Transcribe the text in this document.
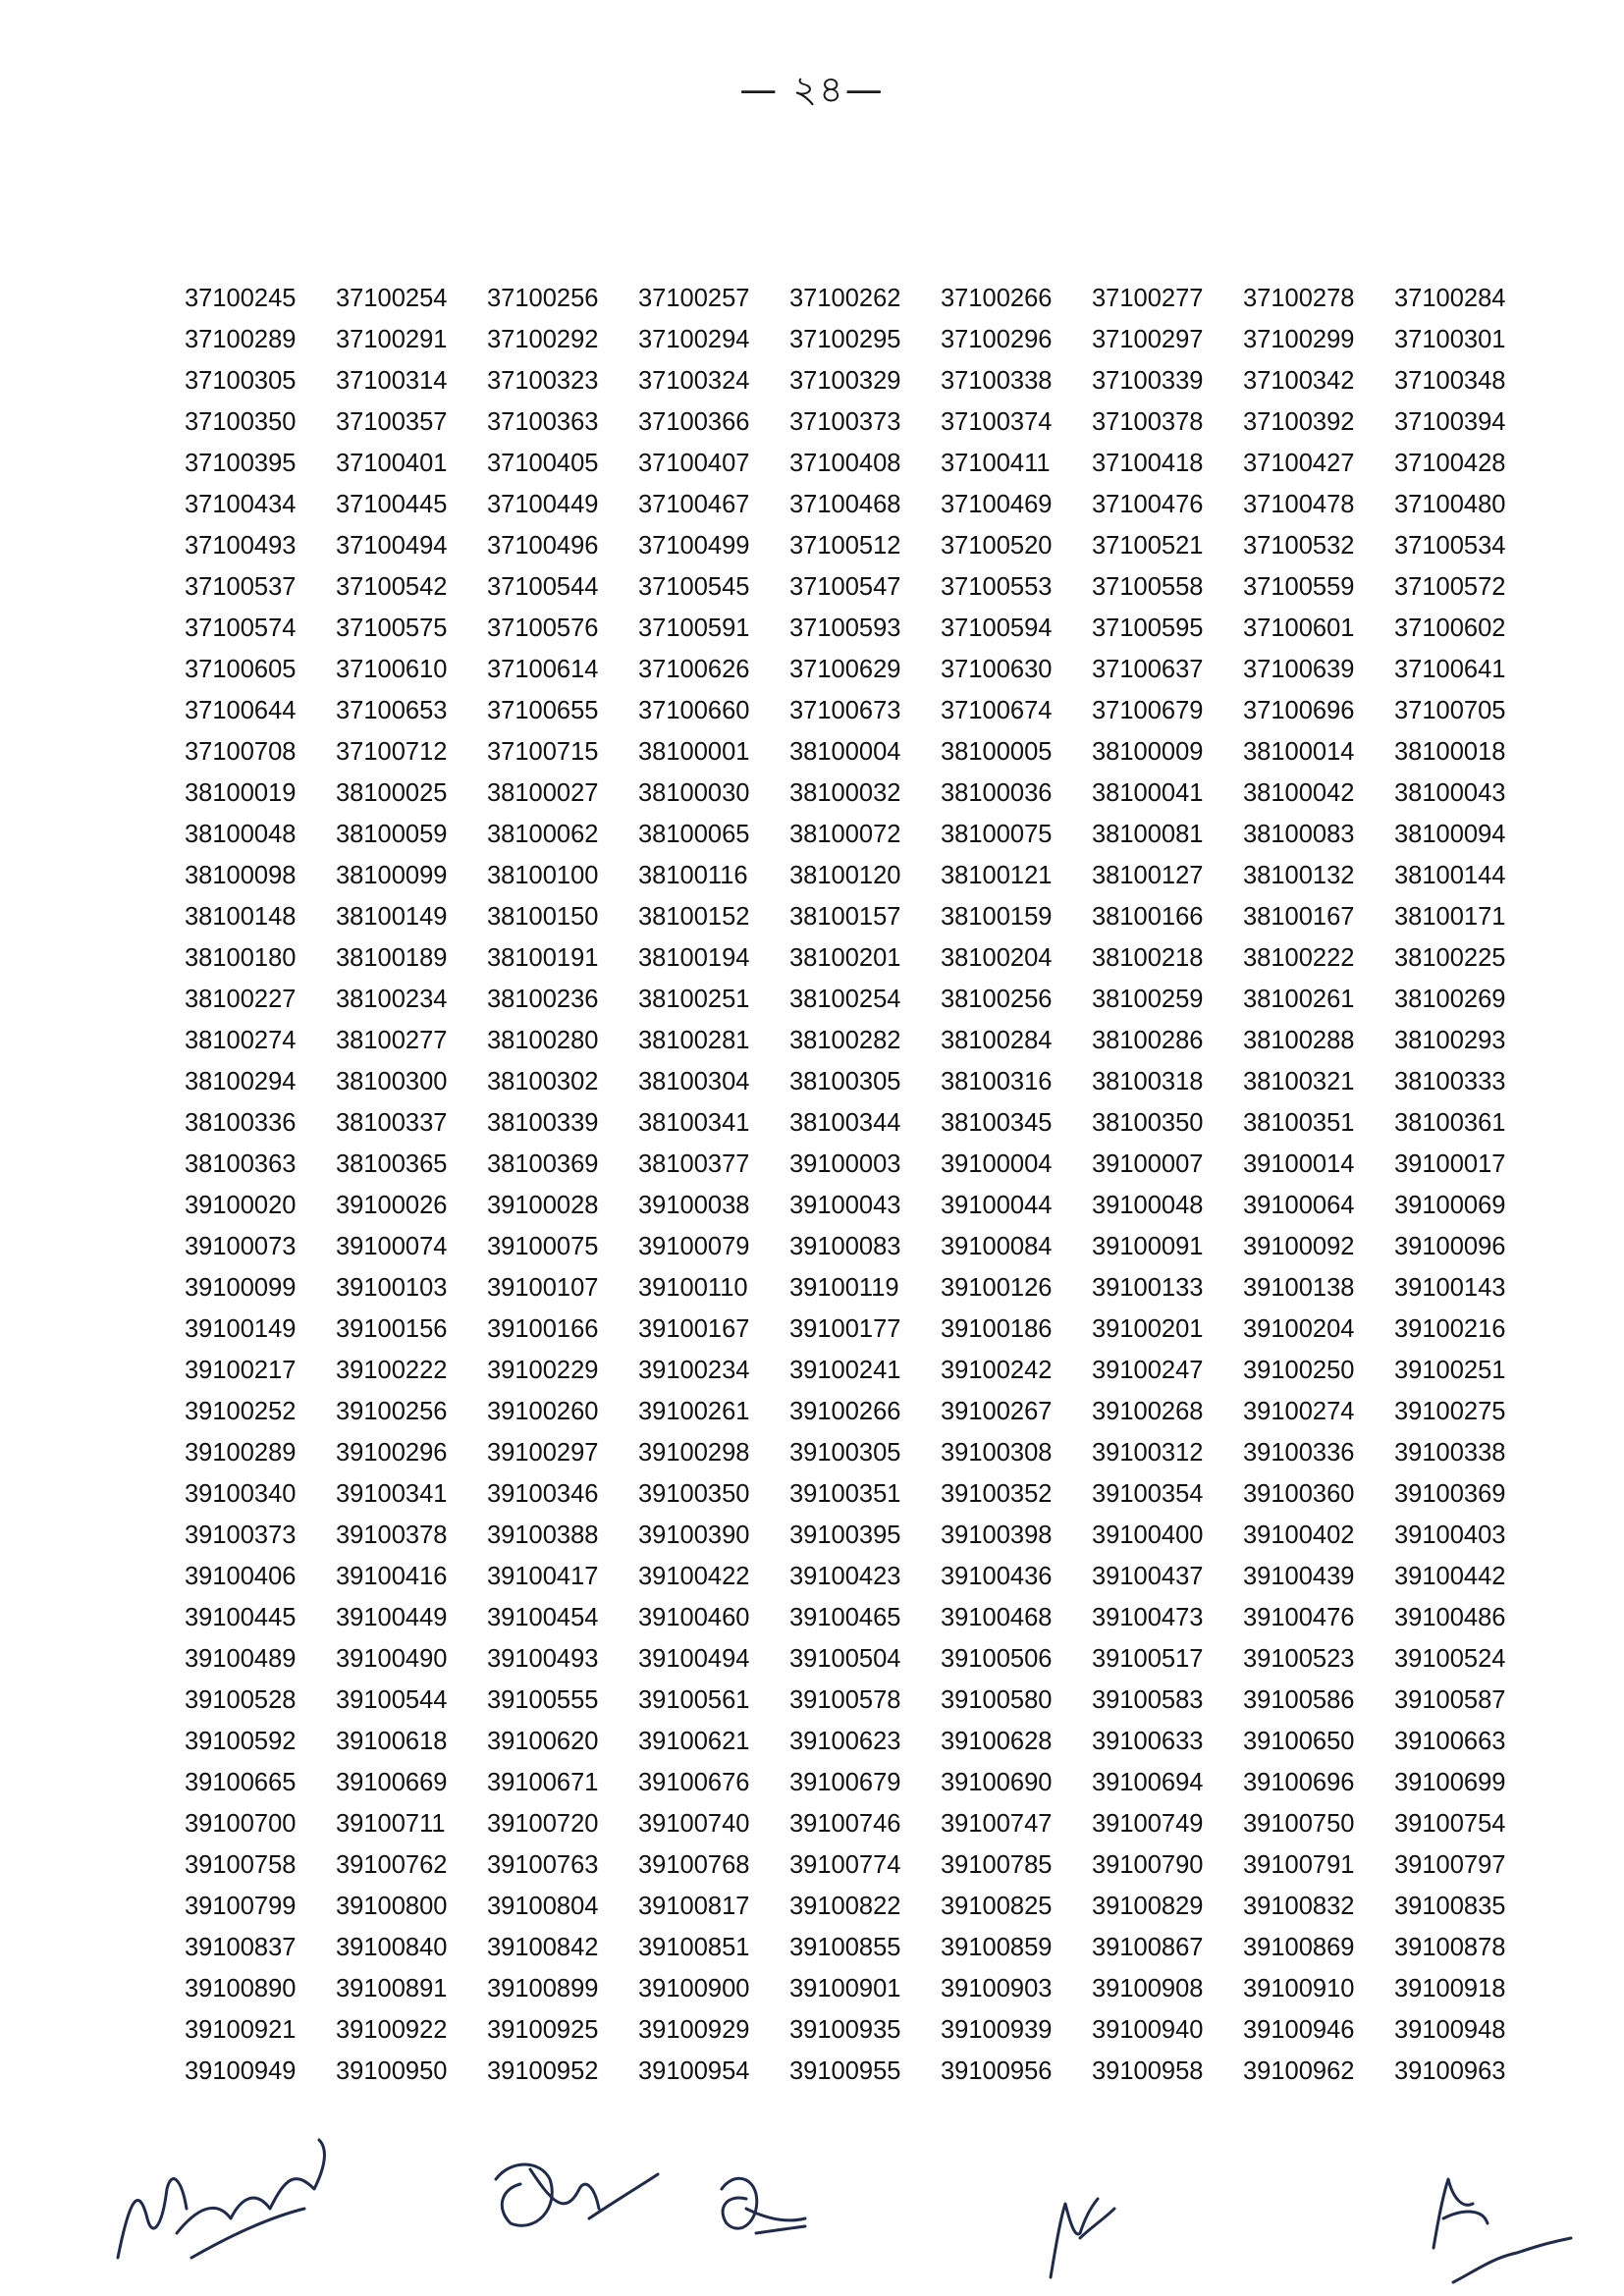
— ২৪—
37100245	37100254	37100256	37100257	37100262	37100266	37100277	37100278	37100284
37100289	37100291	37100292	37100294	37100295	37100296	37100297	37100299	37100301
37100305	37100314	37100323	37100324	37100329	37100338	37100339	37100342	37100348
37100350	37100357	37100363	37100366	37100373	37100374	37100378	37100392	37100394
37100395	37100401	37100405	37100407	37100408	37100411	37100418	37100427	37100428
37100434	37100445	37100449	37100467	37100468	37100469	37100476	37100478	37100480
37100493	37100494	37100496	37100499	37100512	37100520	37100521	37100532	37100534
37100537	37100542	37100544	37100545	37100547	37100553	37100558	37100559	37100572
37100574	37100575	37100576	37100591	37100593	37100594	37100595	37100601	37100602
37100605	37100610	37100614	37100626	37100629	37100630	37100637	37100639	37100641
37100644	37100653	37100655	37100660	37100673	37100674	37100679	37100696	37100705
37100708	37100712	37100715	38100001	38100004	38100005	38100009	38100014	38100018
38100019	38100025	38100027	38100030	38100032	38100036	38100041	38100042	38100043
38100048	38100059	38100062	38100065	38100072	38100075	38100081	38100083	38100094
38100098	38100099	38100100	38100116	38100120	38100121	38100127	38100132	38100144
38100148	38100149	38100150	38100152	38100157	38100159	38100166	38100167	38100171
38100180	38100189	38100191	38100194	38100201	38100204	38100218	38100222	38100225
38100227	38100234	38100236	38100251	38100254	38100256	38100259	38100261	38100269
38100274	38100277	38100280	38100281	38100282	38100284	38100286	38100288	38100293
38100294	38100300	38100302	38100304	38100305	38100316	38100318	38100321	38100333
38100336	38100337	38100339	38100341	38100344	38100345	38100350	38100351	38100361
38100363	38100365	38100369	38100377	39100003	39100004	39100007	39100014	39100017
39100020	39100026	39100028	39100038	39100043	39100044	39100048	39100064	39100069
39100073	39100074	39100075	39100079	39100083	39100084	39100091	39100092	39100096
39100099	39100103	39100107	39100110	39100119	39100126	39100133	39100138	39100143
39100149	39100156	39100166	39100167	39100177	39100186	39100201	39100204	39100216
39100217	39100222	39100229	39100234	39100241	39100242	39100247	39100250	39100251
39100252	39100256	39100260	39100261	39100266	39100267	39100268	39100274	39100275
39100289	39100296	39100297	39100298	39100305	39100308	39100312	39100336	39100338
39100340	39100341	39100346	39100350	39100351	39100352	39100354	39100360	39100369
39100373	39100378	39100388	39100390	39100395	39100398	39100400	39100402	39100403
39100406	39100416	39100417	39100422	39100423	39100436	39100437	39100439	39100442
39100445	39100449	39100454	39100460	39100465	39100468	39100473	39100476	39100486
39100489	39100490	39100493	39100494	39100504	39100506	39100517	39100523	39100524
39100528	39100544	39100555	39100561	39100578	39100580	39100583	39100586	39100587
39100592	39100618	39100620	39100621	39100623	39100628	39100633	39100650	39100663
39100665	39100669	39100671	39100676	39100679	39100690	39100694	39100696	39100699
39100700	39100711	39100720	39100740	39100746	39100747	39100749	39100750	39100754
39100758	39100762	39100763	39100768	39100774	39100785	39100790	39100791	39100797
39100799	39100800	39100804	39100817	39100822	39100825	39100829	39100832	39100835
39100837	39100840	39100842	39100851	39100855	39100859	39100867	39100869	39100878
39100890	39100891	39100899	39100900	39100901	39100903	39100908	39100910	39100918
39100921	39100922	39100925	39100929	39100935	39100939	39100940	39100946	39100948
39100949	39100950	39100952	39100954	39100955	39100956	39100958	39100962	39100963
